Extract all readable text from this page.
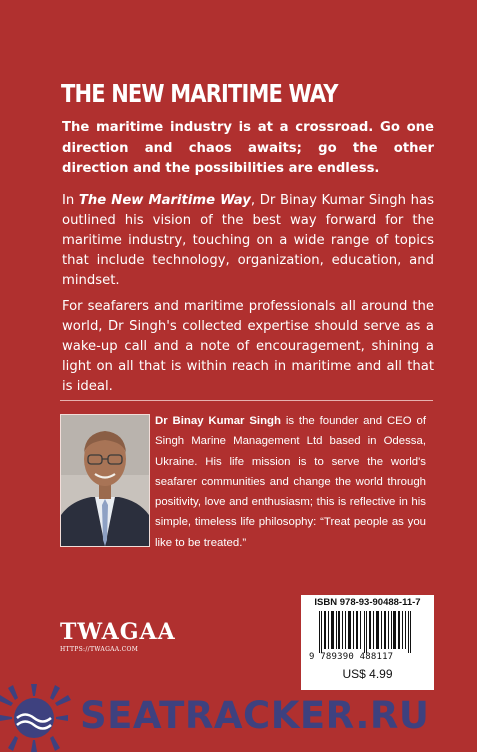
THE NEW MARITIME WAY

The maritime industry is at a crossroad. Go one direction and chaos awaits; go the other direction and the possibilities are endless.

In The New Maritime Way, Dr Binay Kumar Singh has outlined his vision of the best way forward for the maritime industry, touching on a wide range of topics that include technology, organization, education, and mindset.

For seafarers and maritime professionals all around the world, Dr Singh's collected expertise should serve as a wake-up call and a note of encouragement, shining a light on all that is within reach in maritime and all that is ideal.

Dr Binay Kumar Singh is the founder and CEO of Singh Marine Management Ltd based in Odessa, Ukraine. His life mission is to serve the world's seafarer communities and change the world through positivity, love and enthusiasm; this is reflective in his simple, timeless life philosophy: “Treat people as you like to be treated.”

TWAGAA
HTTPS://TWAGAA.COM
ISBN 978-93-90488-11-7
9 789390 488117
US$ 4.99
SEATRACKER.RU
